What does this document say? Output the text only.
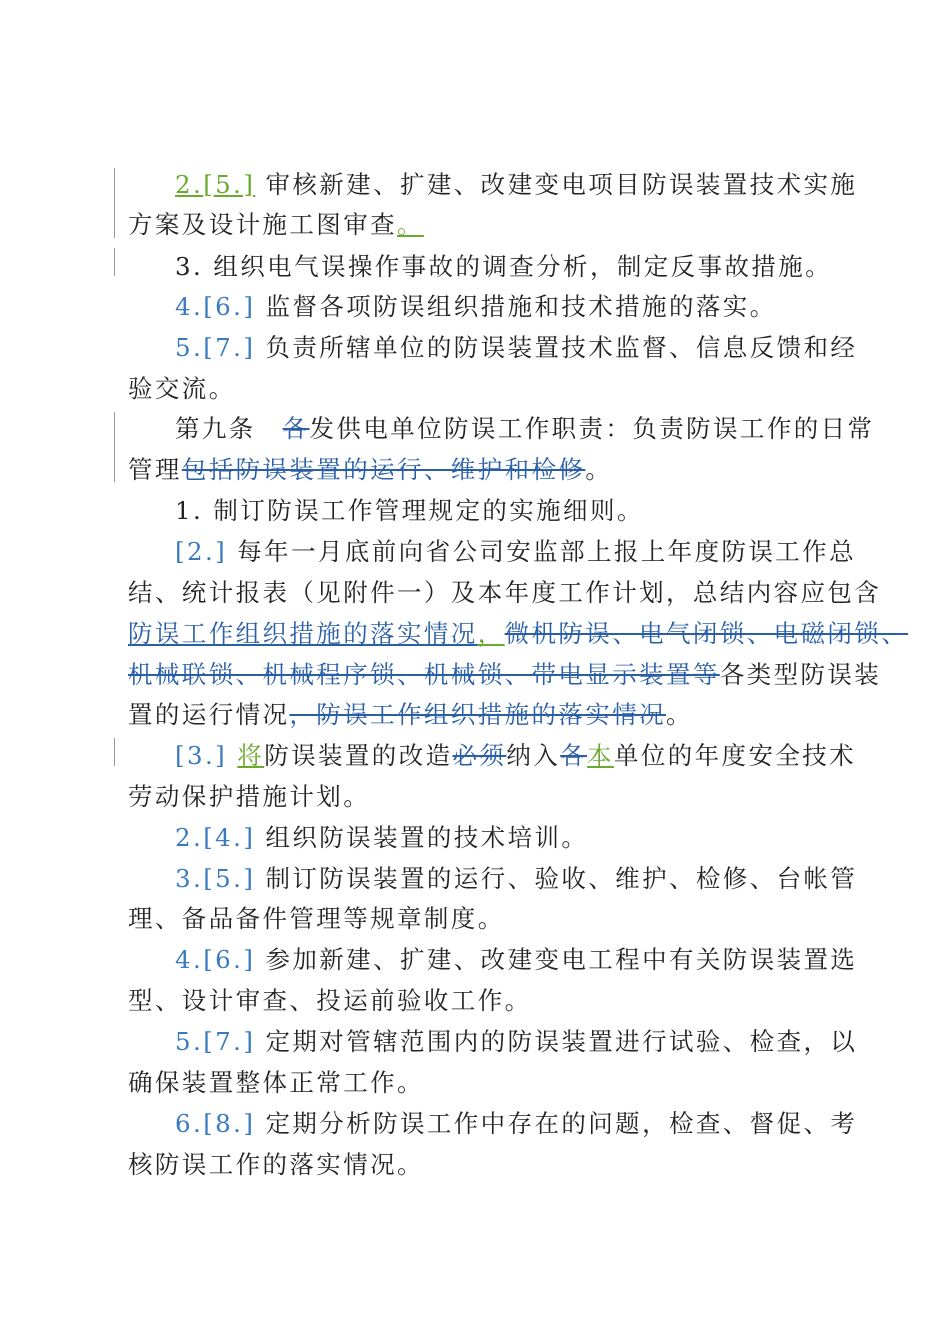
2.[5.] 审核新建、扩建、改建变电项目防误装置技术实施
方案及设计施工图审查。
3. 组织电气误操作事故的调查分析，制定反事故措施。
4.[6.] 监督各项防误组织措施和技术措施的落实。
5.[7.] 负责所辖单位的防误装置技术监督、信息反馈和经
验交流。
第九条　各发供电单位防误工作职责：负责防误工作的日常
管理包括防误装置的运行、维护和检修。
1. 制订防误工作管理规定的实施细则。
[2.] 每年一月底前向省公司安监部上报上年度防误工作总
结、统计报表（见附件一）及本年度工作计划，总结内容应包含
防误工作组织措施的落实情况，微机防误、电气闭锁、电磁闭锁、
机械联锁、机械程序锁、机械锁、带电显示装置等各类型防误装
置的运行情况，防误工作组织措施的落实情况。
[3.] 将防误装置的改造必须纳入各本单位的年度安全技术
劳动保护措施计划。
2.[4.] 组织防误装置的技术培训。
3.[5.] 制订防误装置的运行、验收、维护、检修、台帐管
理、备品备件管理等规章制度。
4.[6.] 参加新建、扩建、改建变电工程中有关防误装置选
型、设计审查、投运前验收工作。
5.[7.] 定期对管辖范围内的防误装置进行试验、检查，以
确保装置整体正常工作。
6.[8.] 定期分析防误工作中存在的问题，检查、督促、考
核防误工作的落实情况。
